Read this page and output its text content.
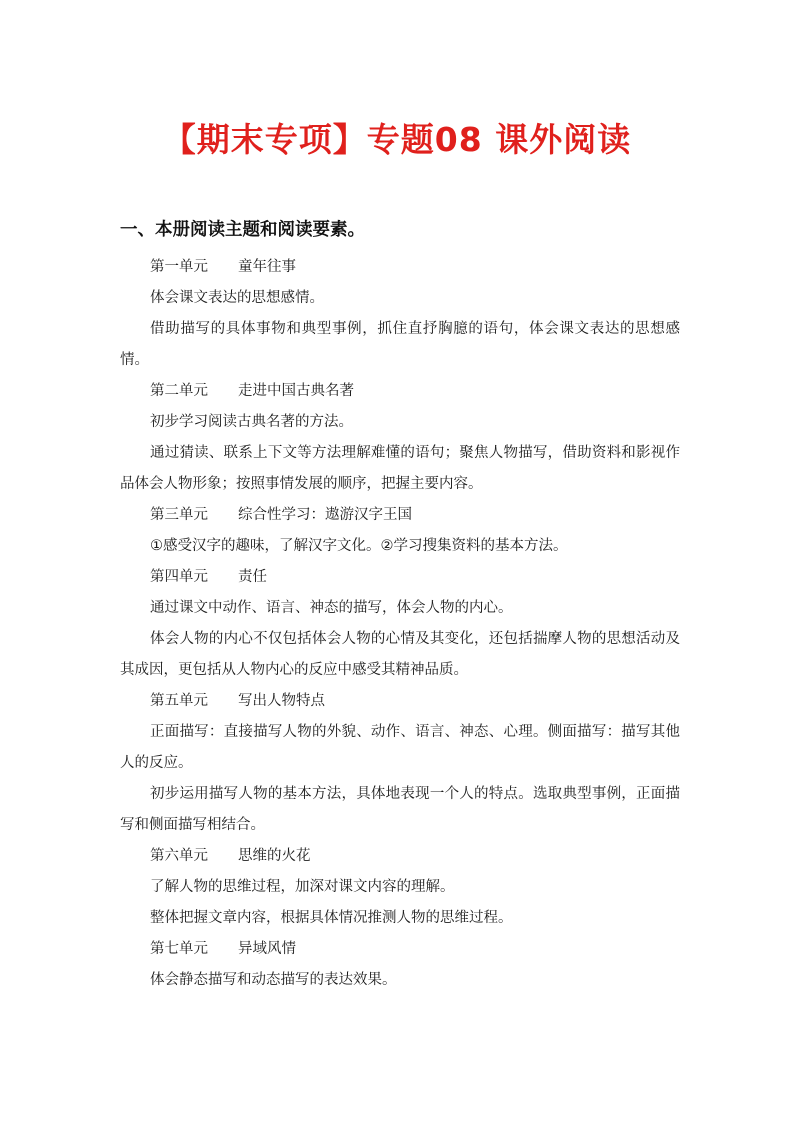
【期末专项】专题08 课外阅读
一、本册阅读主题和阅读要素。
第一单元	童年往事

体会课文表达的思想感情。

借助描写的具体事物和典型事例，抓住直抒胸臆的语句，体会课文表达的思想感情。

第二单元	走进中国古典名著

初步学习阅读古典名著的方法。

通过猜读、联系上下文等方法理解难懂的语句；聚焦人物描写，借助资料和影视作品体会人物形象；按照事情发展的顺序，把握主要内容。

第三单元	综合性学习：遨游汉字王国

①感受汉字的趣味，了解汉字文化。②学习搜集资料的基本方法。

第四单元	责任

通过课文中动作、语言、神态的描写，体会人物的内心。

体会人物的内心不仅包括体会人物的心情及其变化，还包括揣摩人物的思想活动及其成因，更包括从人物内心的反应中感受其精神品质。

第五单元	写出人物特点

正面描写：直接描写人物的外貌、动作、语言、神态、心理。侧面描写：描写其他人的反应。

初步运用描写人物的基本方法，具体地表现一个人的特点。选取典型事例，正面描写和侧面描写相结合。

第六单元	思维的火花

了解人物的思维过程，加深对课文内容的理解。

整体把握文章内容，根据具体情况推测人物的思维过程。

第七单元	异域风情

体会静态描写和动态描写的表达效果。
